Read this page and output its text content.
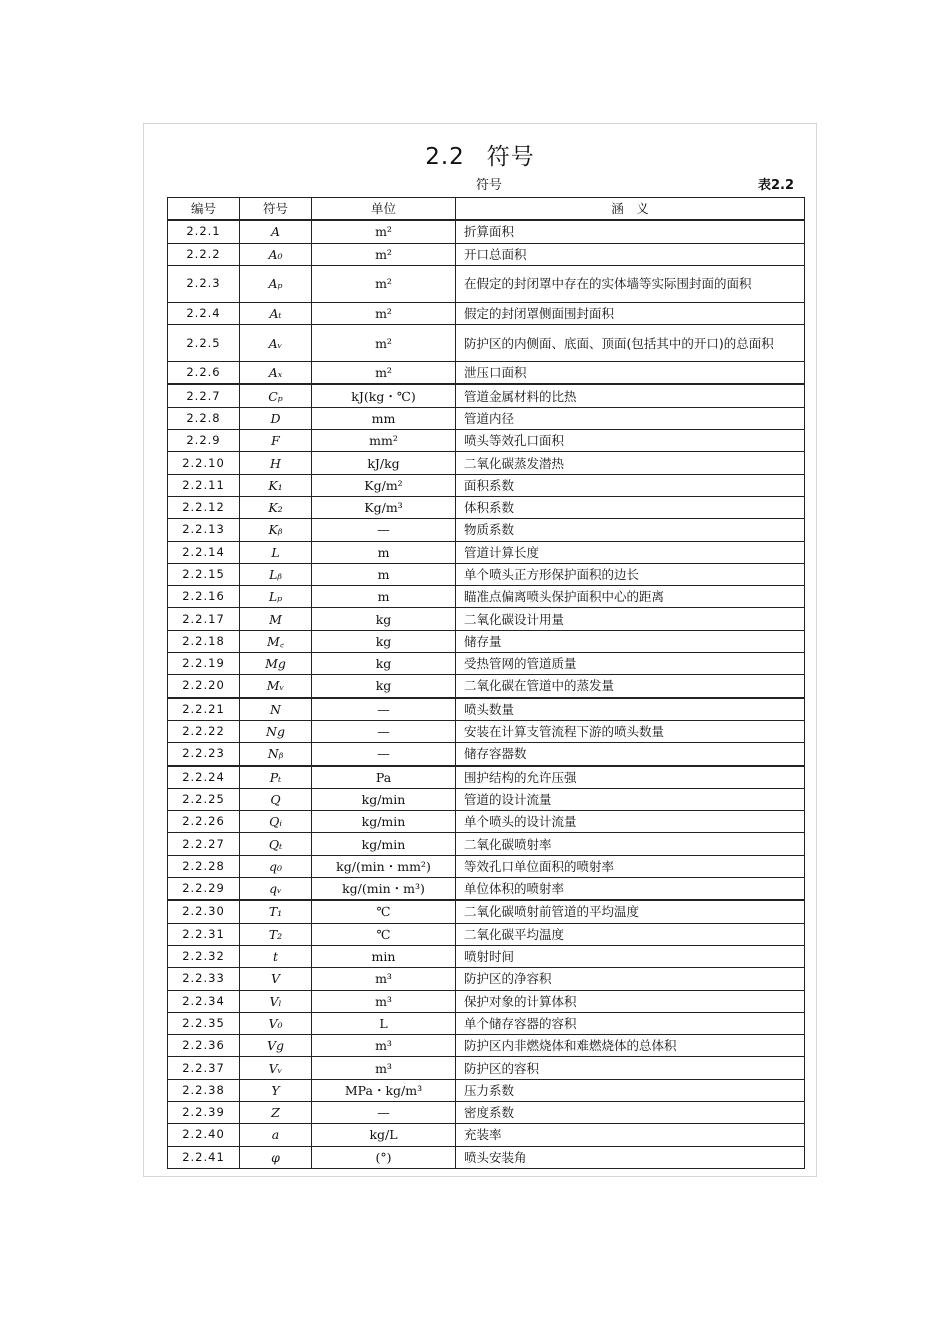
2.2 符号
符号	表2.2
编号	符号	单位	涵　义
2.2.1	A	m²	折算面积
2.2.2	A₀	m²	开口总面积
2.2.3	Aₚ	m²	在假定的封闭罩中存在的实体墙等实际围封面的面积
2.2.4	Aₜ	m²	假定的封闭罩侧面围封面积
2.2.5	Aᵥ	m²	防护区的内侧面、底面、顶面(包括其中的开口)的总面积
2.2.6	Aₓ	m²	泄压口面积
2.2.7	Cₚ	kJ(kg・℃)	管道金属材料的比热
2.2.8	D	mm	管道内径
2.2.9	F	mm²	喷头等效孔口面积
2.2.10	H	kJ/kg	二氧化碳蒸发潜热
2.2.11	K₁	Kg/m²	面积系数
2.2.12	K₂	Kg/m³	体积系数
2.2.13	Kᵦ	—	物质系数
2.2.14	L	m	管道计算长度
2.2.15	Lᵦ	m	单个喷头正方形保护面积的边长
2.2.16	Lₚ	m	瞄准点偏离喷头保护面积中心的距离
2.2.17	M	kg	二氧化碳设计用量
2.2.18	M꜀	kg	储存量
2.2.19	Mg	kg	受热管网的管道质量
2.2.20	Mᵥ	kg	二氧化碳在管道中的蒸发量
2.2.21	N	—	喷头数量
2.2.22	Ng	—	安装在计算支管流程下游的喷头数量
2.2.23	Nᵦ	—	储存容器数
2.2.24	Pₜ	Pa	围护结构的允许压强
2.2.25	Q	kg/min	管道的设计流量
2.2.26	Qᵢ	kg/min	单个喷头的设计流量
2.2.27	Qₜ	kg/min	二氧化碳喷射率
2.2.28	q₀	kg/(min・mm²)	等效孔口单位面积的喷射率
2.2.29	qᵥ	kg/(min・m³)	单位体积的喷射率
2.2.30	T₁	℃	二氧化碳喷射前管道的平均温度
2.2.31	T₂	℃	二氧化碳平均温度
2.2.32	t	min	喷射时间
2.2.33	V	m³	防护区的净容积
2.2.34	Vₗ	m³	保护对象的计算体积
2.2.35	V₀	L	单个储存容器的容积
2.2.36	Vg	m³	防护区内非燃烧体和难燃烧体的总体积
2.2.37	Vᵥ	m³	防护区的容积
2.2.38	Y	MPa・kg/m³	压力系数
2.2.39	Z	—	密度系数
2.2.40	a	kg/L	充装率
2.2.41	φ	(°)	喷头安装角
